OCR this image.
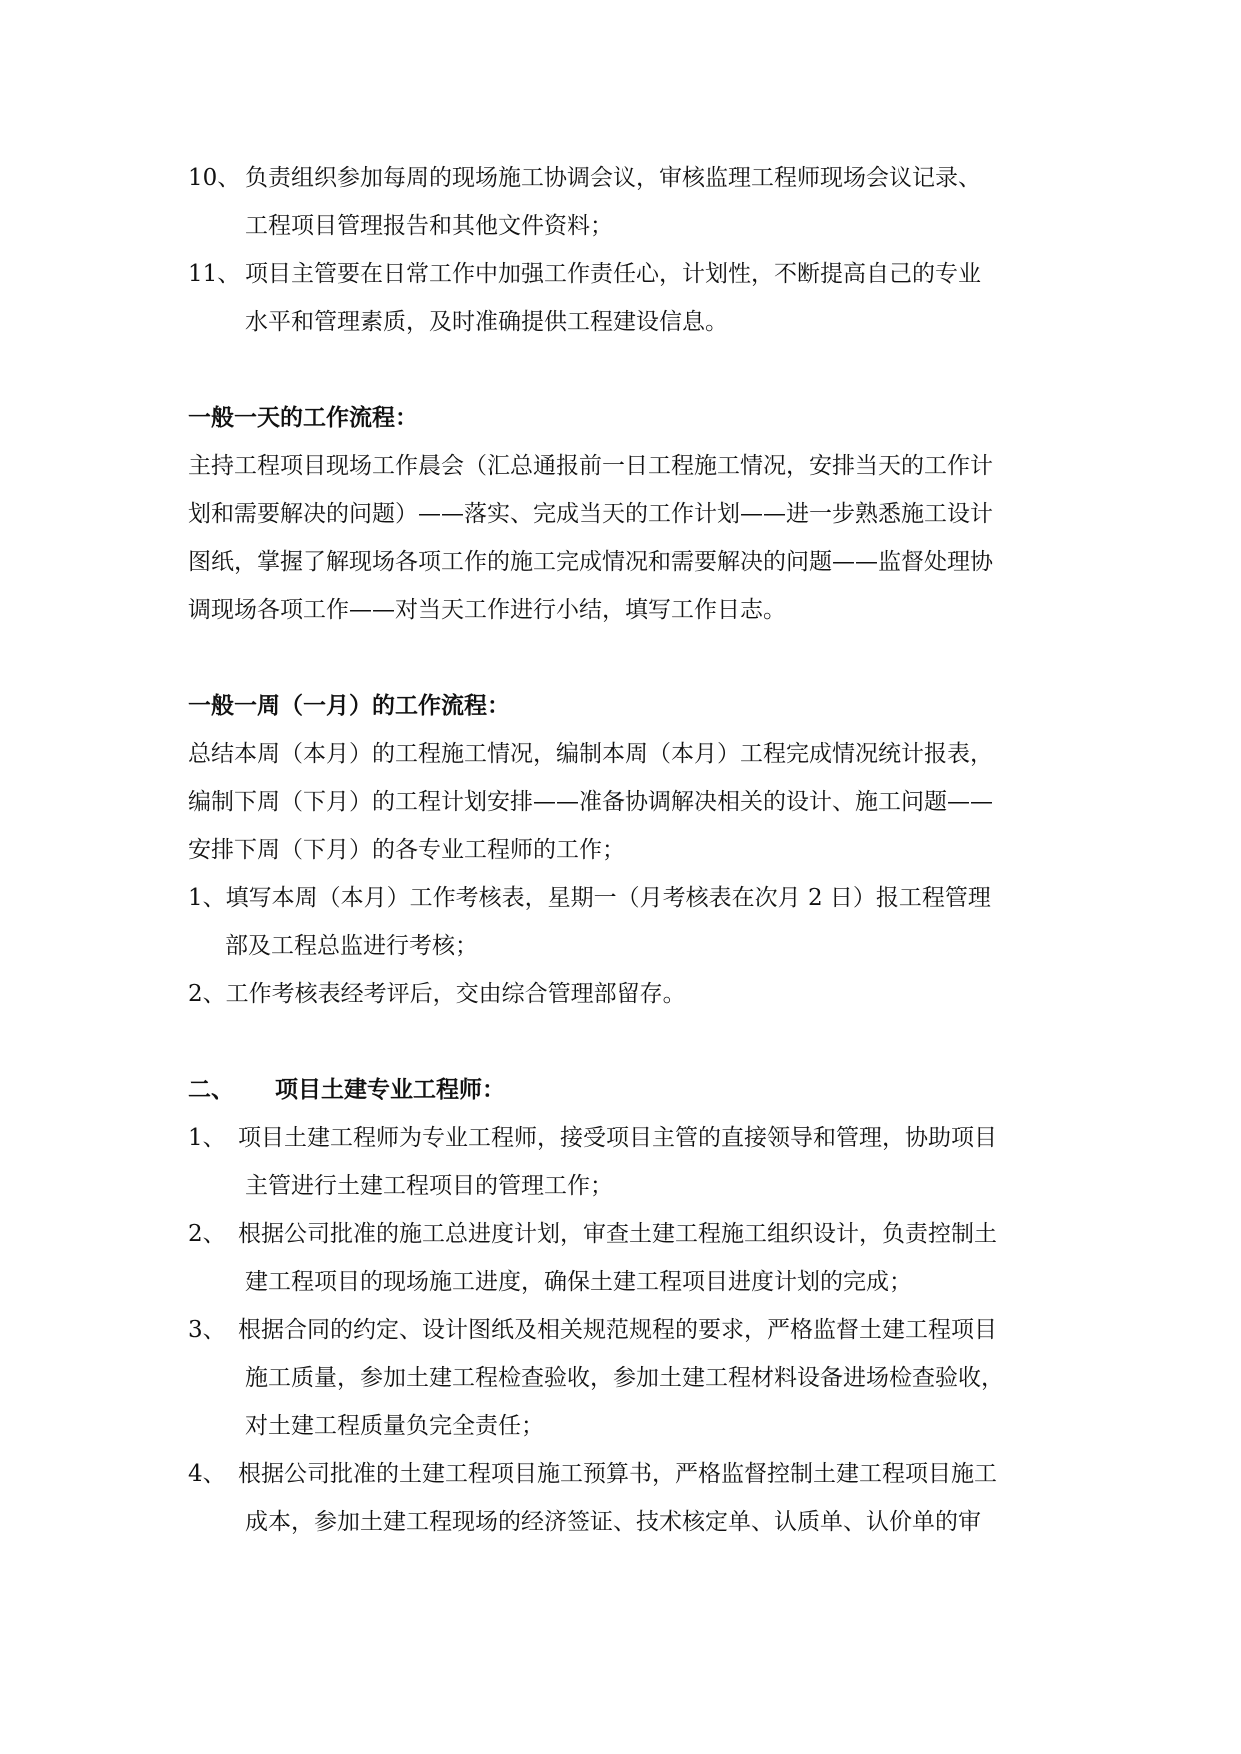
10、 负责组织参加每周的现场施工协调会议，审核监理工程师现场会议记录、
工程项目管理报告和其他文件资料；
11、 项目主管要在日常工作中加强工作责任心，计划性，不断提高自己的专业
水平和管理素质，及时准确提供工程建设信息。
一般一天的工作流程：
主持工程项目现场工作晨会（汇总通报前一日工程施工情况，安排当天的工作计
划和需要解决的问题）——落实、完成当天的工作计划——进一步熟悉施工设计
图纸，掌握了解现场各项工作的施工完成情况和需要解决的问题——监督处理协
调现场各项工作——对当天工作进行小结，填写工作日志。
一般一周（一月）的工作流程：
总结本周（本月）的工程施工情况，编制本周（本月）工程完成情况统计报表，
编制下周（下月）的工程计划安排——准备协调解决相关的设计、施工问题——
安排下周（下月）的各专业工程师的工作；
1、填写本周（本月）工作考核表，星期一（月考核表在次月 2 日）报工程管理
部及工程总监进行考核；
2、工作考核表经考评后，交由综合管理部留存。
二、 项目土建专业工程师：
1、 项目土建工程师为专业工程师，接受项目主管的直接领导和管理，协助项目
主管进行土建工程项目的管理工作；
2、 根据公司批准的施工总进度计划，审查土建工程施工组织设计，负责控制土
建工程项目的现场施工进度，确保土建工程项目进度计划的完成；
3、 根据合同的约定、设计图纸及相关规范规程的要求，严格监督土建工程项目
施工质量，参加土建工程检查验收，参加土建工程材料设备进场检查验收，
对土建工程质量负完全责任；
4、 根据公司批准的土建工程项目施工预算书，严格监督控制土建工程项目施工
成本，参加土建工程现场的经济签证、技术核定单、认质单、认价单的审
